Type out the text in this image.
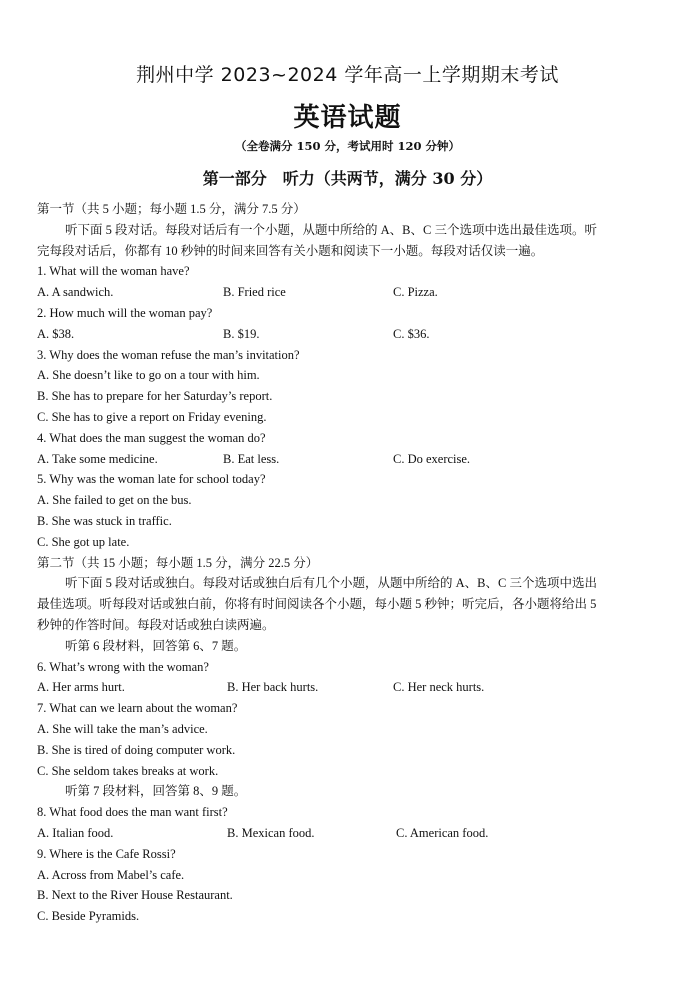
荆州中学 2023~2024 学年高一上学期期末考试
英语试题
（全卷满分 150 分，考试用时 120 分钟）
第一部分　听力（共两节，满分 30 分）
第一节（共 5 小题；每小题 1.5 分，满分 7.5 分）
听下面 5 段对话。每段对话后有一个小题，从题中所给的 A、B、C 三个选项中选出最佳选项。听
完每段对话后，你都有 10 秒钟的时间来回答有关小题和阅读下一小题。每段对话仅读一遍。
1. What will the woman have?
A. A sandwich.	B. Fried rice	C. Pizza.
2. How much will the woman pay?
A. $38.	B. $19.	C. $36.
3. Why does the woman refuse the man’s invitation?
A. She doesn’t like to go on a tour with him.
B. She has to prepare for her Saturday’s report.
C. She has to give a report on Friday evening.
4. What does the man suggest the woman do?
A. Take some medicine.	B. Eat less.	C. Do exercise.
5. Why was the woman late for school today?
A. She failed to get on the bus.
B. She was stuck in traffic.
C. She got up late.
第二节（共 15 小题；每小题 1.5 分，满分 22.5 分）
听下面 5 段对话或独白。每段对话或独白后有几个小题，从题中所给的 A、B、C 三个选项中选出
最佳选项。听每段对话或独白前，你将有时间阅读各个小题，每小题 5 秒钟；听完后，各小题将给出 5
秒钟的作答时间。每段对话或独白读两遍。
听第 6 段材料，回答第 6、7 题。
6. What’s wrong with the woman?
A. Her arms hurt.	B. Her back hurts.	C. Her neck hurts.
7. What can we learn about the woman?
A. She will take the man’s advice.
B. She is tired of doing computer work.
C. She seldom takes breaks at work.
听第 7 段材料，回答第 8、9 题。
8. What food does the man want first?
A. Italian food.	B. Mexican food.	C. American food.
9. Where is the Cafe Rossi?
A. Across from Mabel’s cafe.
B. Next to the River House Restaurant.
C. Beside Pyramids.
